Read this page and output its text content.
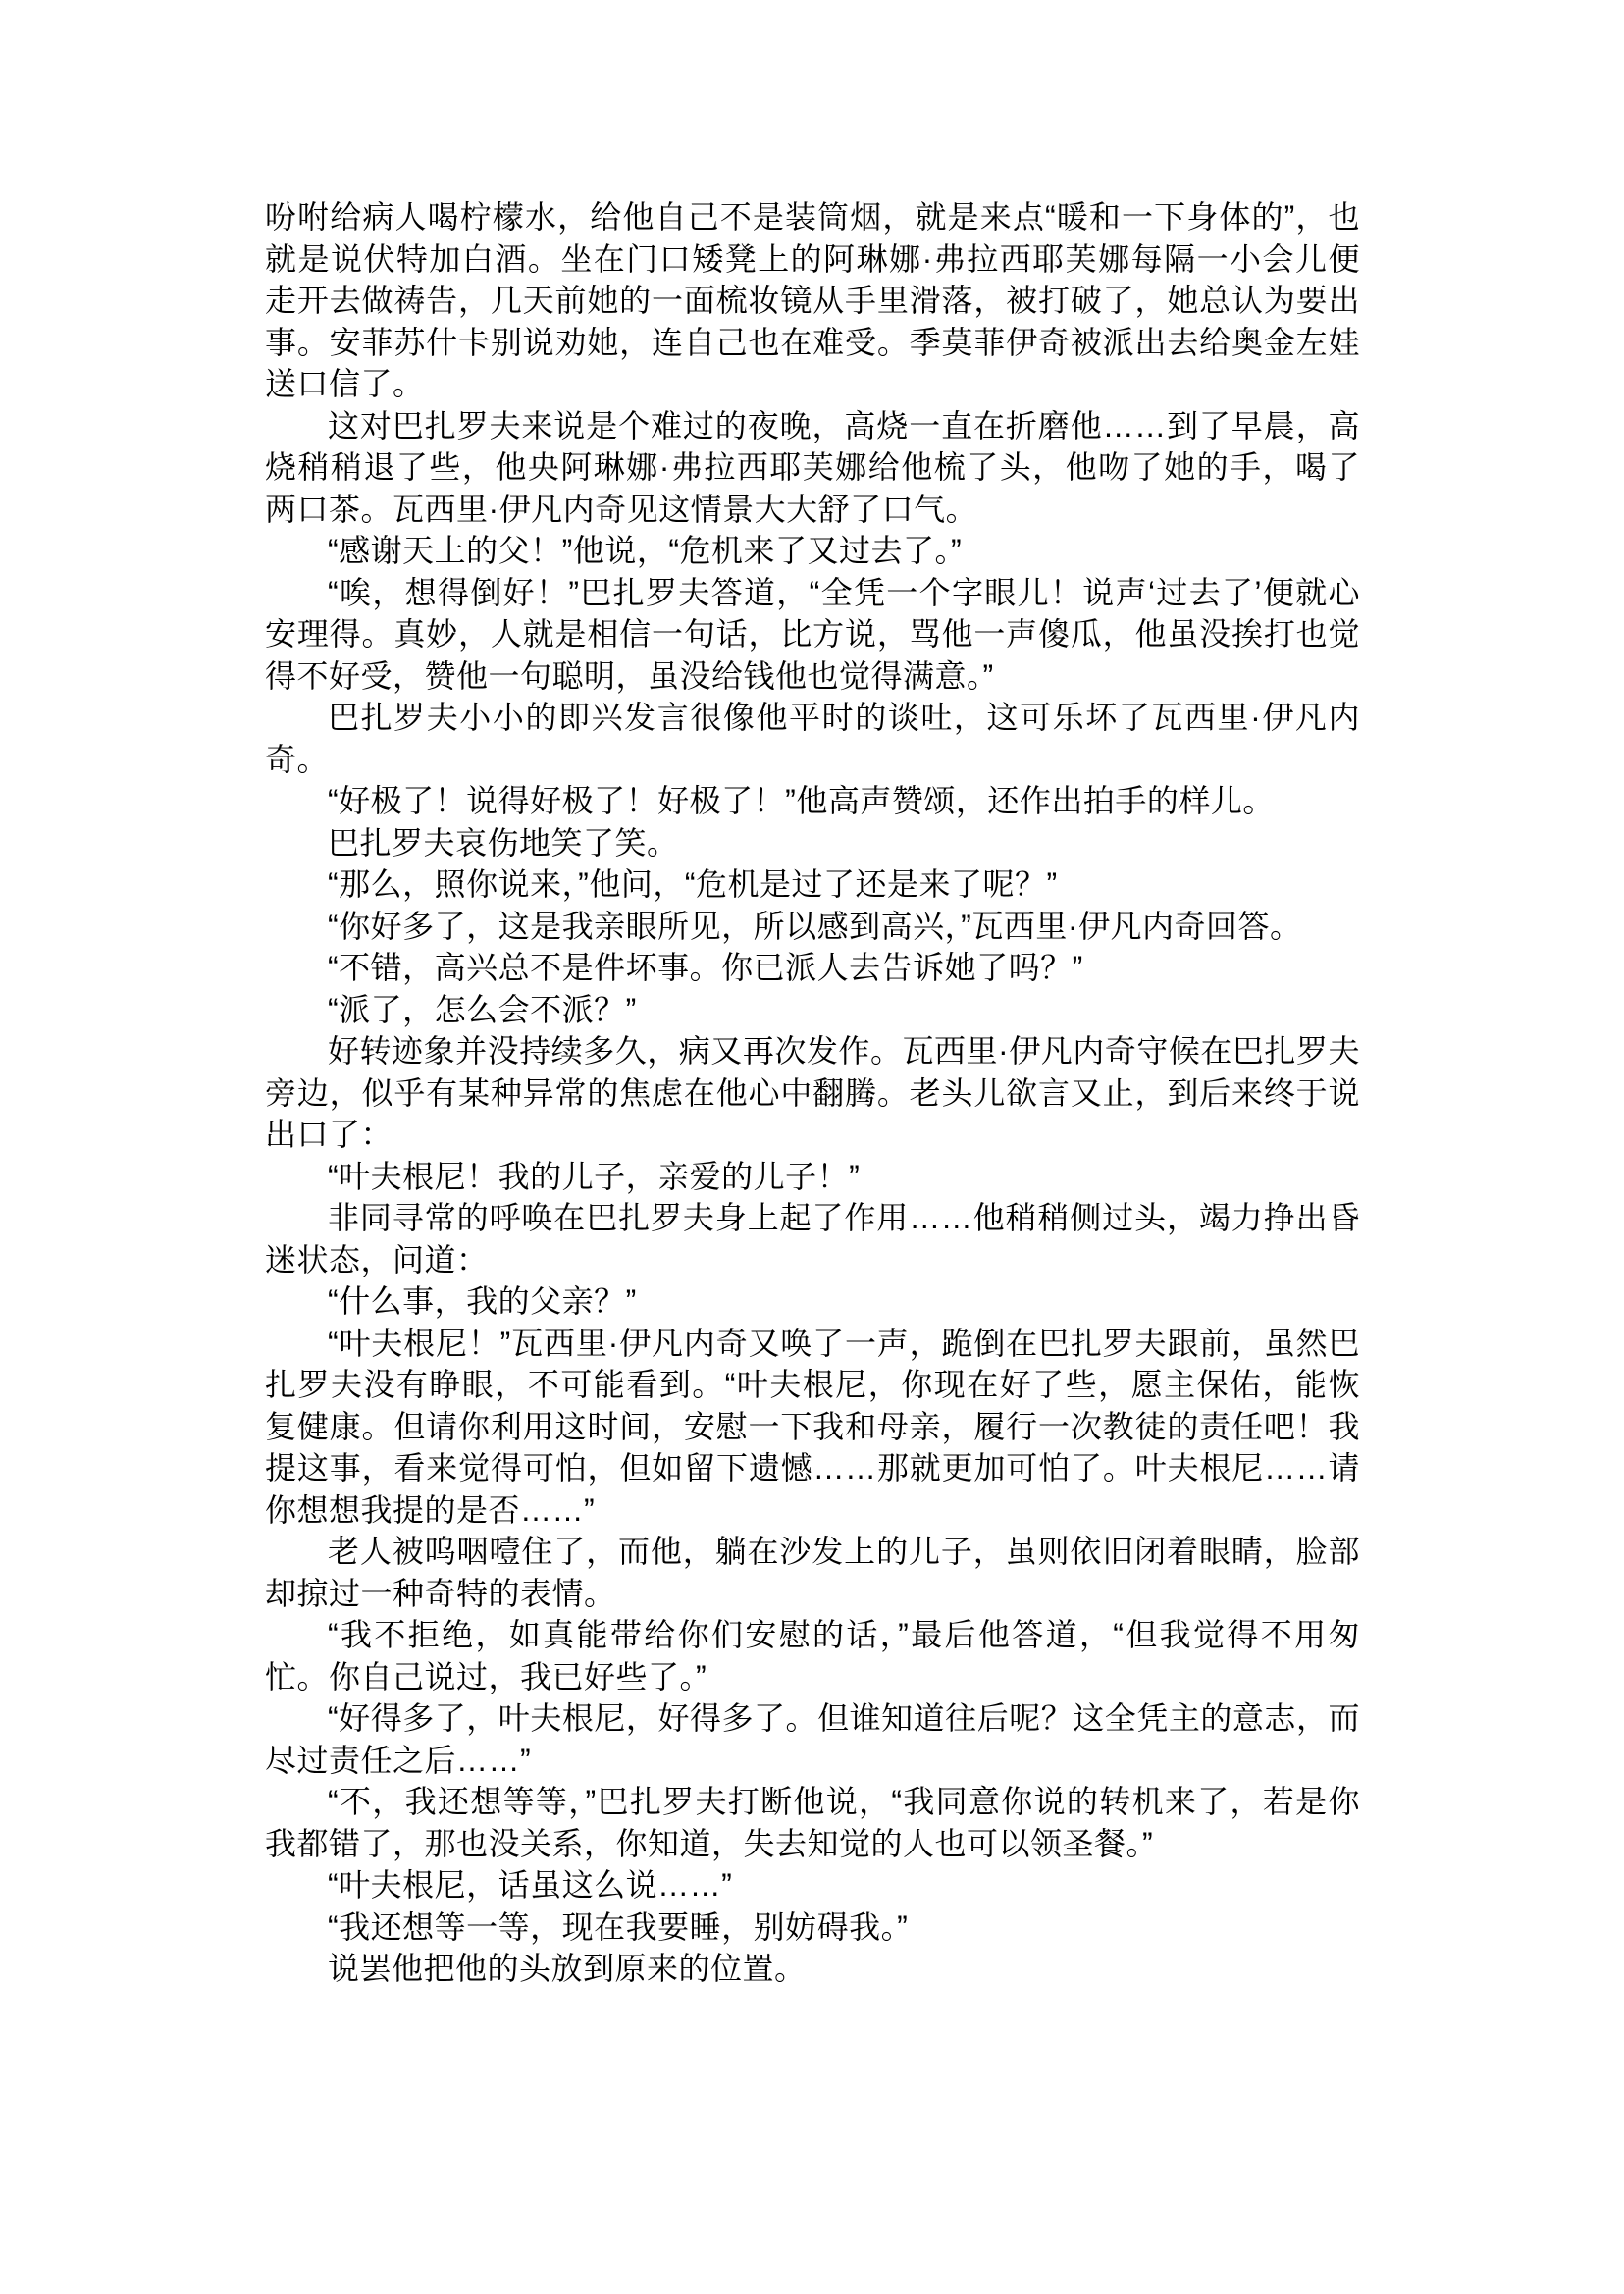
吩咐给病人喝柠檬水，给他自己不是装筒烟，就是来点“暖和一下身体的”，也就是说伏特加白酒。坐在门口矮凳上的阿琳娜·弗拉西耶芙娜每隔一小会儿便走开去做祷告，几天前她的一面梳妆镜从手里滑落，被打破了，她总认为要出事。安菲苏什卡别说劝她，连自己也在难受。季莫菲伊奇被派出去给奥金左娃送口信了。

这对巴扎罗夫来说是个难过的夜晚，高烧一直在折磨他……到了早晨，高烧稍稍退了些，他央阿琳娜·弗拉西耶芙娜给他梳了头，他吻了她的手，喝了两口茶。瓦西里·伊凡内奇见这情景大大舒了口气。

“感谢天上的父！”他说，“危机来了又过去了。”

“唉，想得倒好！”巴扎罗夫答道，“全凭一个字眼儿！说声‘过去了’便就心安理得。真妙，人就是相信一句话，比方说，骂他一声傻瓜，他虽没挨打也觉得不好受，赞他一句聪明，虽没给钱他也觉得满意。”

巴扎罗夫小小的即兴发言很像他平时的谈吐，这可乐坏了瓦西里·伊凡内奇。

“好极了！说得好极了！好极了！”他高声赞颂，还作出拍手的样儿。

巴扎罗夫哀伤地笑了笑。

“那么，照你说来，”他问，“危机是过了还是来了呢？”

“你好多了，这是我亲眼所见，所以感到高兴，”瓦西里·伊凡内奇回答。

“不错，高兴总不是件坏事。你已派人去告诉她了吗？”

“派了，怎么会不派？”

好转迹象并没持续多久，病又再次发作。瓦西里·伊凡内奇守候在巴扎罗夫旁边，似乎有某种异常的焦虑在他心中翻腾。老头儿欲言又止，到后来终于说出口了：

“叶夫根尼！我的儿子，亲爱的儿子！”

非同寻常的呼唤在巴扎罗夫身上起了作用……他稍稍侧过头，竭力挣出昏迷状态，问道：

“什么事，我的父亲？”

“叶夫根尼！”瓦西里·伊凡内奇又唤了一声，跪倒在巴扎罗夫跟前，虽然巴扎罗夫没有睁眼，不可能看到。“叶夫根尼，你现在好了些，愿主保佑，能恢复健康。但请你利用这时间，安慰一下我和母亲，履行一次教徒的责任吧！我提这事，看来觉得可怕，但如留下遗憾……那就更加可怕了。叶夫根尼……请你想想我提的是否……”

老人被呜咽噎住了，而他，躺在沙发上的儿子，虽则依旧闭着眼睛，脸部却掠过一种奇特的表情。

“我不拒绝，如真能带给你们安慰的话，”最后他答道，“但我觉得不用匆忙。你自己说过，我已好些了。”

“好得多了，叶夫根尼，好得多了。但谁知道往后呢？这全凭主的意志，而尽过责任之后……”

“不，我还想等等，”巴扎罗夫打断他说，“我同意你说的转机来了，若是你我都错了，那也没关系，你知道，失去知觉的人也可以领圣餐。”

“叶夫根尼，话虽这么说……”

“我还想等一等，现在我要睡，别妨碍我。”

说罢他把他的头放到原来的位置。
